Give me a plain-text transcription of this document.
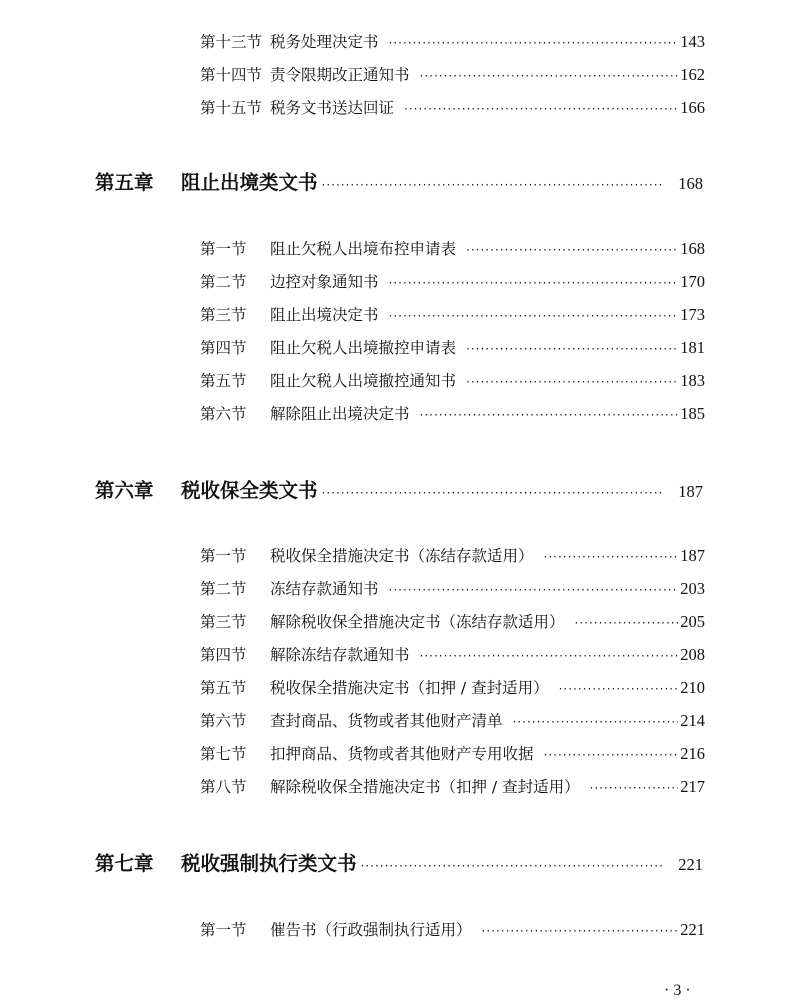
第十三节 税务处理决定书 ·····	143
第十四节 责令限期改正通知书 ·····	162
第十五节 税务文书送达回证 ·····	166
第五章	阻止出境类文书 ·····	168
第一节	阻止欠税人出境布控申请表 ·····	168
第二节	边控对象通知书 ·····	170
第三节	阻止出境决定书 ·····	173
第四节	阻止欠税人出境撤控申请表 ·····	181
第五节	阻止欠税人出境撤控通知书 ·····	183
第六节	解除阻止出境决定书 ·····	185
第六章	税收保全类文书 ·····	187
第一节	税收保全措施决定书（冻结存款适用） ·····	187
第二节	冻结存款通知书 ·····	203
第三节	解除税收保全措施决定书（冻结存款适用） ·····	205
第四节	解除冻结存款通知书 ·····	208
第五节	税收保全措施决定书（扣押 / 查封适用） ·····	210
第六节	查封商品、货物或者其他财产清单 ·····	214
第七节	扣押商品、货物或者其他财产专用收据 ·····	216
第八节	解除税收保全措施决定书（扣押 / 查封适用） ·····	217
第七章	税收强制执行类文书 ·····	221
第一节	催告书（行政强制执行适用） ·····	221
· 3 ·
